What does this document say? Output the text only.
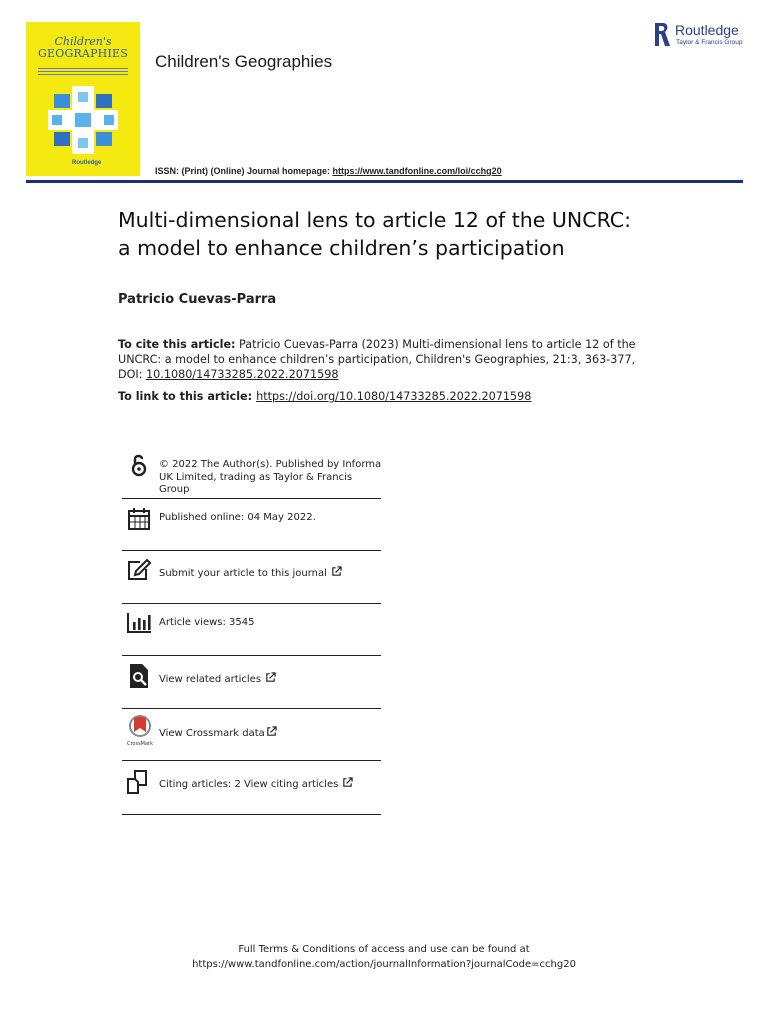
Children's
GEOGRAPHIES
Routledge
Children's Geographies
Routledge
Taylor & Francis Group
ISSN: (Print) (Online) Journal homepage: https://www.tandfonline.com/loi/cchg20
Multi-dimensional lens to article 12 of the UNCRC:
a model to enhance children’s participation
Patricio Cuevas-Parra
To cite this article: Patricio Cuevas-Parra (2023) Multi-dimensional lens to article 12 of the
UNCRC: a model to enhance children’s participation, Children's Geographies, 21:3, 363-377,
DOI: 10.1080/14733285.2022.2071598
To link to this article: https://doi.org/10.1080/14733285.2022.2071598
© 2022 The Author(s). Published by Informa
UK Limited, trading as Taylor & Francis
Group
Published online: 04 May 2022.
Submit your article to this journal
Article views: 3545
View related articles
CrossMark
View Crossmark data
Citing articles: 2 View citing articles
Full Terms & Conditions of access and use can be found at
https://www.tandfonline.com/action/journalInformation?journalCode=cchg20
